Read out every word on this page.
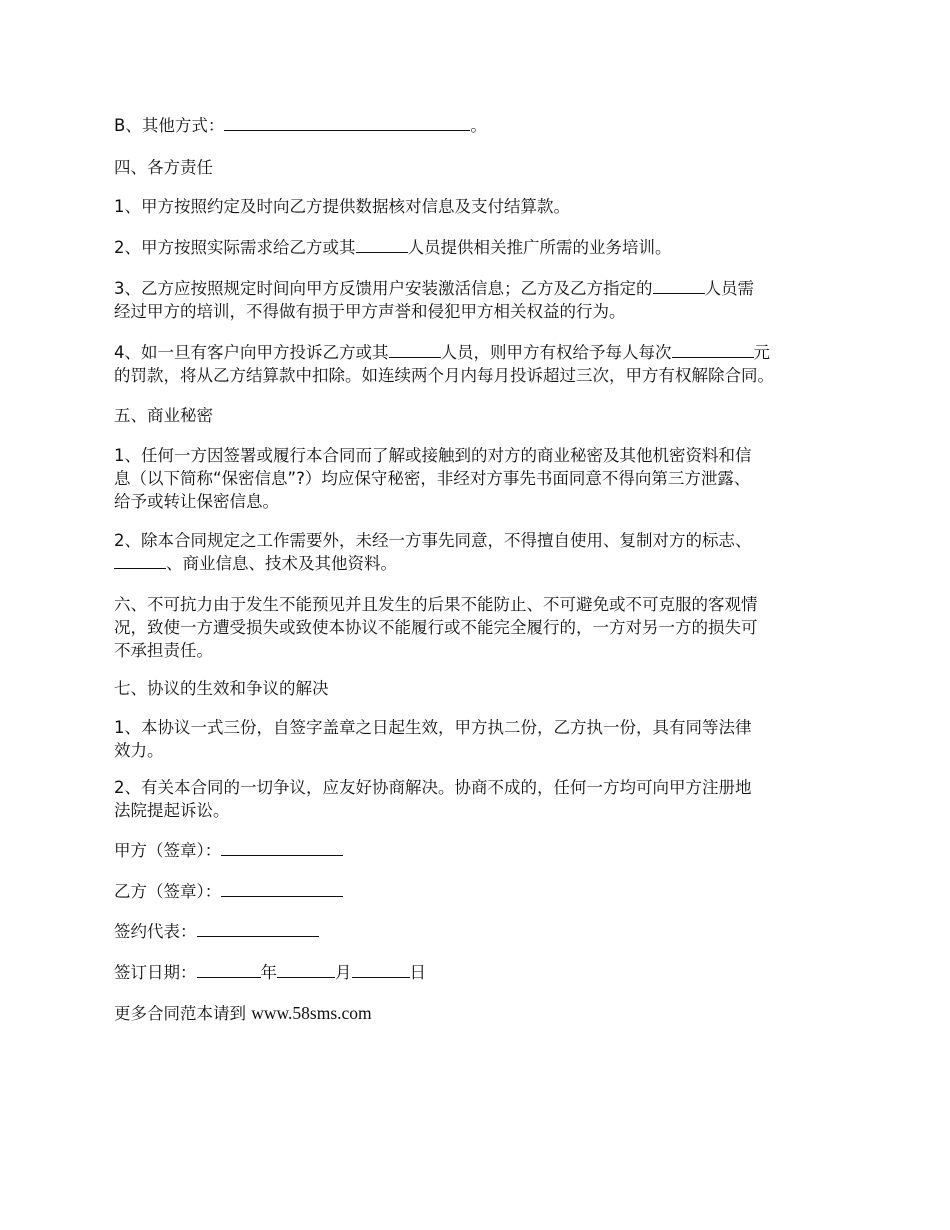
B、其他方式：	。
四、各方责任
1、甲方按照约定及时向乙方提供数据核对信息及支付结算款。
2、甲方按照实际需求给乙方或其	人员提供相关推广所需的业务培训。
3、乙方应按照规定时间向甲方反馈用户安装激活信息；乙方及乙方指定的	人员需
经过甲方的培训，不得做有损于甲方声誉和侵犯甲方相关权益的行为。
4、如一旦有客户向甲方投诉乙方或其	人员，则甲方有权给予每人每次	元
的罚款，将从乙方结算款中扣除。如连续两个月内每月投诉超过三次，甲方有权解除合同。
五、商业秘密
1、任何一方因签署或履行本合同而了解或接触到的对方的商业秘密及其他机密资料和信
息（以下简称“保密信息”?）均应保守秘密，非经对方事先书面同意不得向第三方泄露、
给予或转让保密信息。
2、除本合同规定之工作需要外，未经一方事先同意，不得擅自使用、复制对方的标志、
、商业信息、技术及其他资料。
六、不可抗力由于发生不能预见并且发生的后果不能防止、不可避免或不可克服的客观情
况，致使一方遭受损失或致使本协议不能履行或不能完全履行的，一方对另一方的损失可
不承担责任。
七、协议的生效和争议的解决
1、本协议一式三份，自签字盖章之日起生效，甲方执二份，乙方执一份，具有同等法律
效力。
2、有关本合同的一切争议，应友好协商解决。协商不成的，任何一方均可向甲方注册地
法院提起诉讼。
甲方（签章）：
乙方（签章）：
签约代表：
签订日期：	年	月	日
更多合同范本请到 www.58sms.com
